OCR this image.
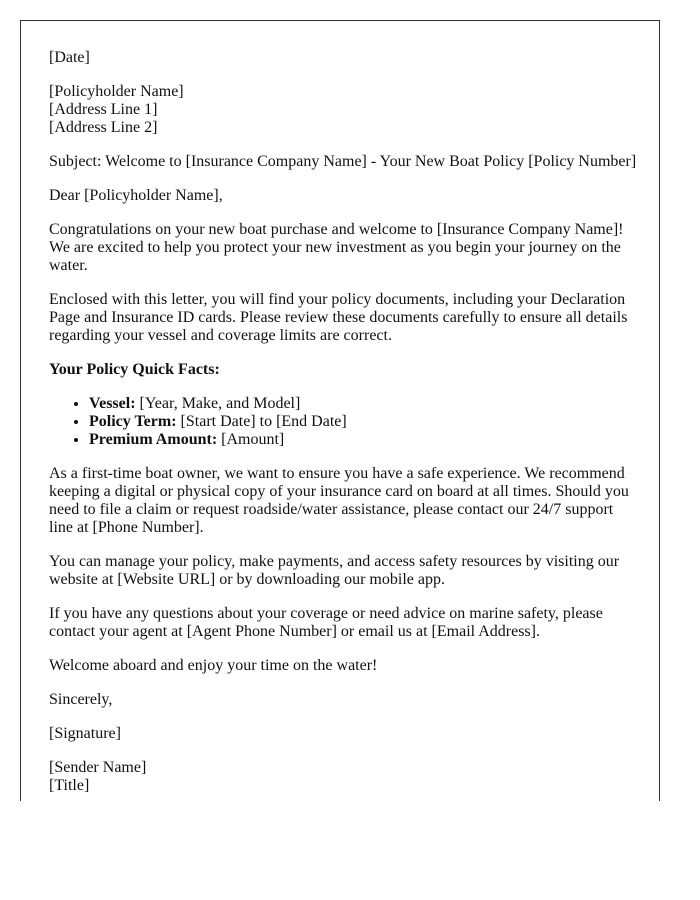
[Date]

[Policyholder Name]
[Address Line 1]
[Address Line 2]

Subject: Welcome to [Insurance Company Name] - Your New Boat Policy [Policy Number]

Dear [Policyholder Name],

Congratulations on your new boat purchase and welcome to [Insurance Company Name]! We are excited to help you protect your new investment as you begin your journey on the water.

Enclosed with this letter, you will find your policy documents, including your Declaration Page and Insurance ID cards. Please review these documents carefully to ensure all details regarding your vessel and coverage limits are correct.

Your Policy Quick Facts:

• Vessel: [Year, Make, and Model]
• Policy Term: [Start Date] to [End Date]
• Premium Amount: [Amount]

As a first-time boat owner, we want to ensure you have a safe experience. We recommend keeping a digital or physical copy of your insurance card on board at all times. Should you need to file a claim or request roadside/water assistance, please contact our 24/7 support line at [Phone Number].

You can manage your policy, make payments, and access safety resources by visiting our website at [Website URL] or by downloading our mobile app.

If you have any questions about your coverage or need advice on marine safety, please contact your agent at [Agent Phone Number] or email us at [Email Address].

Welcome aboard and enjoy your time on the water!

Sincerely,

[Signature]

[Sender Name]
[Title]
